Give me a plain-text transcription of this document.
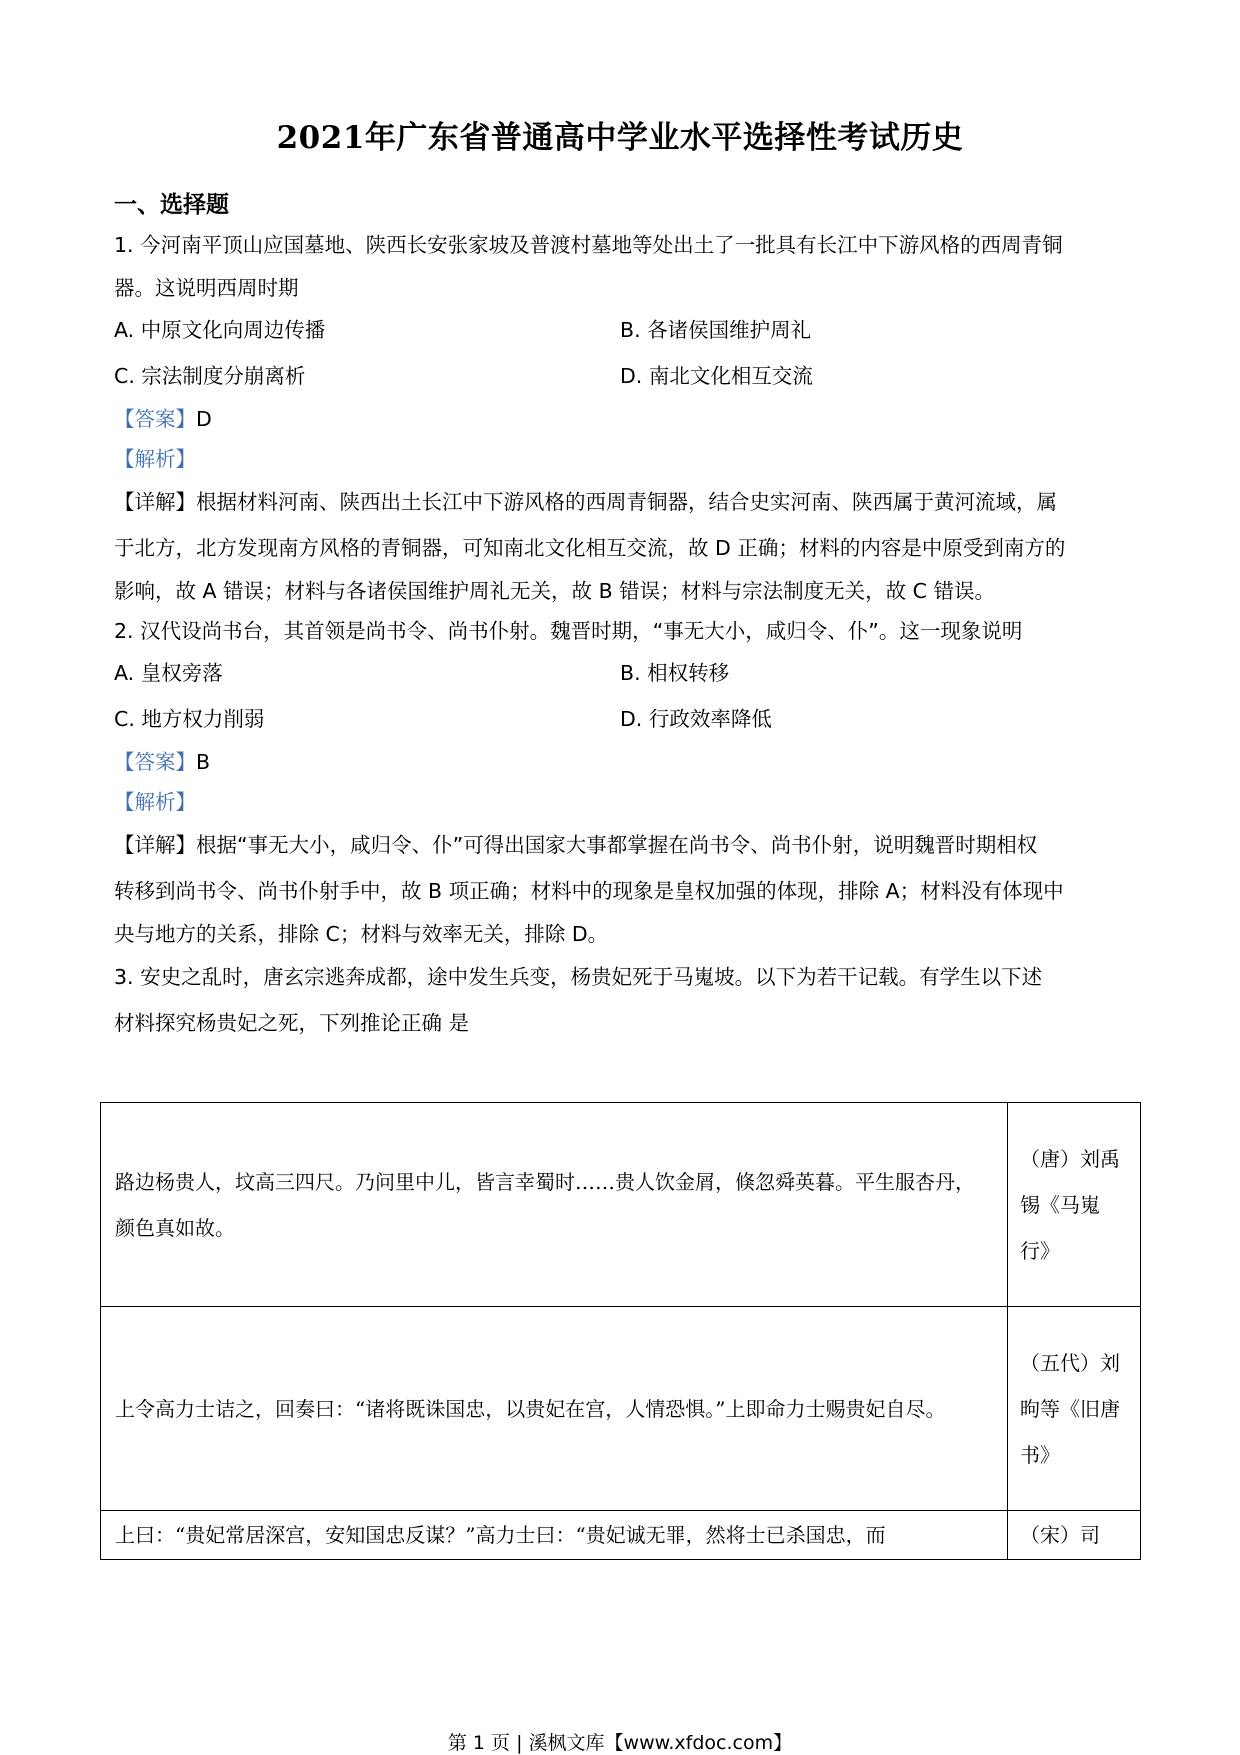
2021年广东省普通高中学业水平选择性考试历史
一、选择题

1. 今河南平顶山应国墓地、陕西长安张家坡及普渡村墓地等处出土了一批具有长江中下游风格的西周青铜

器。这说明西周时期

A. 中原文化向周边传播	B. 各诸侯国维护周礼
C. 宗法制度分崩离析	D. 南北文化相互交流

【答案】D

【解析】

【详解】根据材料河南、陕西出土长江中下游风格的西周青铜器，结合史实河南、陕西属于黄河流域，属

于北方，北方发现南方风格的青铜器，可知南北文化相互交流，故 D 正确；材料的内容是中原受到南方的

影响，故 A 错误；材料与各诸侯国维护周礼无关，故 B 错误；材料与宗法制度无关，故 C 错误。

2. 汉代设尚书台，其首领是尚书令、尚书仆射。魏晋时期，“事无大小，咸归令、仆”。这一现象说明

A. 皇权旁落	B. 相权转移
C. 地方权力削弱	D. 行政效率降低

【答案】B

【解析】

【详解】根据“事无大小，咸归令、仆”可得出国家大事都掌握在尚书令、尚书仆射，说明魏晋时期相权

转移到尚书令、尚书仆射手中，故 B 项正确；材料中的现象是皇权加强的体现，排除 A；材料没有体现中

央与地方的关系，排除 C；材料与效率无关，排除 D。

3. 安史之乱时，唐玄宗逃奔成都，途中发生兵变，杨贵妃死于马嵬坡。以下为若干记载。有学生以下述

材料探究杨贵妃之死，下列推论正确 是

路边杨贵人，坟高三四尺。乃问里中儿，皆言幸蜀时……贵人饮金屑，倏忽舜英暮。平生服杏丹，颜色真如故。	（唐）刘禹锡《马嵬行》
上令高力士诘之，回奏曰：“诸将既诛国忠，以贵妃在宫，人情恐惧。”上即命力士赐贵妃自尽。	（五代）刘昫等《旧唐书》
上曰：“贵妃常居深宫，安知国忠反谋？”高力士曰：“贵妃诚无罪，然将士已杀国忠，而	（宋）司
第 1 页 | 溪枫文库【www.xfdoc.com】
